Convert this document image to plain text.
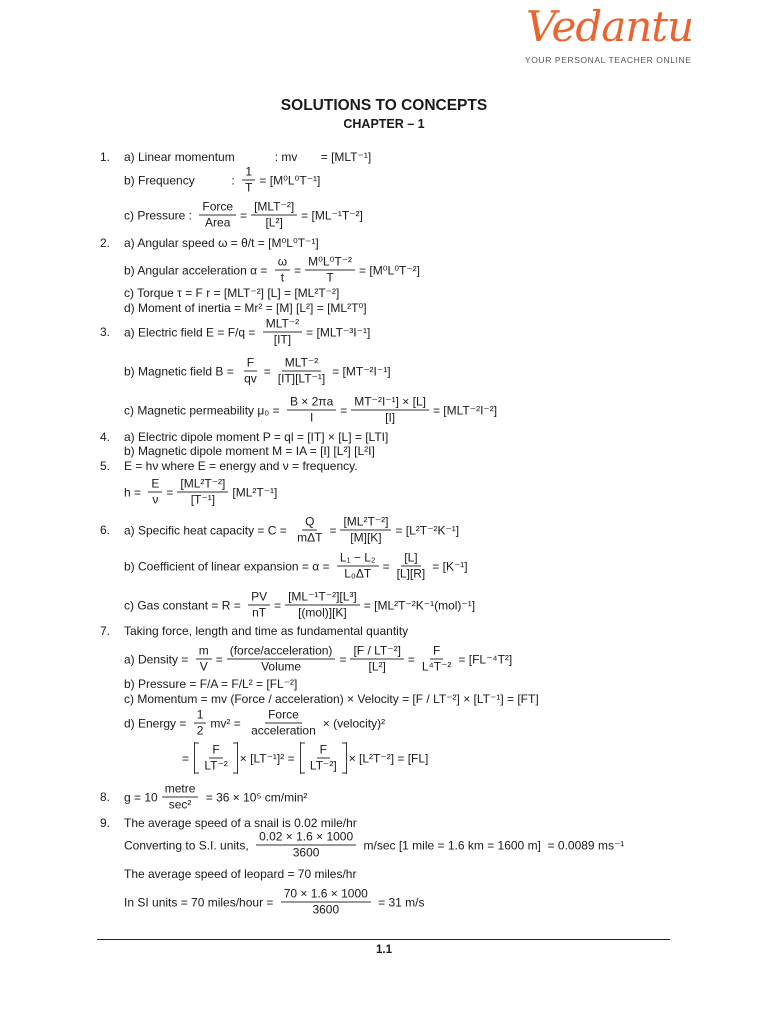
Vedantu
YOUR PERSONAL TEACHER ONLINE
SOLUTIONS TO CONCEPTS
CHAPTER – 1
1. a) Linear momentum            : mv       = [MLT⁻¹]
b) Frequency           : $\frac{1}{T} = [M^0L^0T^{-1}]$
c) Pressure : $\frac{\text{Force}}{\text{Area}} = \frac{\text{[MLT⁻²]}}{\text{[L²]}} = [ML^{-1}T^{-2}]$
2. a) Angular speed ω = θ/t = [M⁰L⁰T⁻¹]
b) Angular acceleration $\alpha = \frac{\omega}{t} = \frac{\text{M⁰L⁰T⁻²}}{T} = [M^0L^0T^{-2}]$
c) Torque τ = F r = [MLT⁻²] [L] = [ML²T⁻²]
d) Moment of inertia = Mr² = [M] [L²] = [ML²T⁰]
3. a) Electric field $E = F/q = \frac{\text{MLT⁻²}}{[IT]} = [MLT^{-3}I^{-1}]$
b) Magnetic field $B = \frac{F}{qv} = \frac{\text{MLT⁻²}}{\text{[IT][LT⁻¹]}} = [MT^{-2}I^{-1}]$
c) Magnetic permeability $\mu_0 = \frac{B \times 2\pi a}{I} = \frac{\text{MT⁻²I⁻¹] × [L]}}{[I]} = [MLT^{-2}I^{-2}]$
4. a) Electric dipole moment P = ql = [IT] × [L] = [LTI]
b) Magnetic dipole moment M = IA = [I] [L²] [L²I]
5. E = hν where E = energy and ν = frequency.
$h = \frac{E}{\nu} = \frac{\text{[ML²T⁻²]}}{\text{[T⁻¹]}} [ML^2T^{-1}]$
6. a) Specific heat capacity = $C = \frac{Q}{\text{mΔT}} = \frac{\text{[ML²T⁻²]}}{[M][K]} = [L^2T^{-2}K^{-1}]$
b) Coefficient of linear expansion = $\alpha = \frac{\text{L₁ − L₂}}{\text{L₀ΔT}} = \frac{[L]}{[L][R]} = [K^{-1}]$
c) Gas constant = $R = \frac{PV}{nT} = \frac{\text{[ML⁻¹T⁻²][L³]}}{\text{[(mol)][K]}} = [ML^2T^{-2}K^{-1}(mol)^{-1}]$
7. Taking force, length and time as fundamental quantity
a) Density = $\frac{m}{V} = \frac{\text{(force/acceleration)}}{\text{Volume}} = \frac{\text{[F / LT⁻²]}}{\text{[L²]}} = \frac{F}{\text{L⁴T⁻²}} = [FL^{-4}T^2]$
b) Pressure = F/A = F/L² = [FL⁻²]
c) Momentum = mv (Force / acceleration) × Velocity = [F / LT⁻²] × [LT⁻¹] = [FT]
d) Energy = $\frac{1}{2} mv^2 = \frac{\text{Force}}{\text{acceleration}}$ × (velocity)²
= $\frac{F}{\text{LT⁻²}} \times [LT^{-1}]^2 = \frac{F}{\text{LT⁻²]}} \times [L^2T^{-2}] = [FL]$
8. $g = 10 \frac{\text{metre}}{\text{sec²}} = 36 \times 10^5$ cm/min²
9. The average speed of a snail is 0.02 mile/hr
Converting to S.I. units, $\frac{0.02 \times 1.6 \times 1000}{3600} m/\sec$ [1 mile = 1.6 km = 1600 m]  = 0.0089 ms⁻¹
The average speed of leopard = 70 miles/hr
In SI units = 70 miles/hour = $\frac{70 \times 1.6 \times 1000}{3600} = 31$ m/s
1.1
